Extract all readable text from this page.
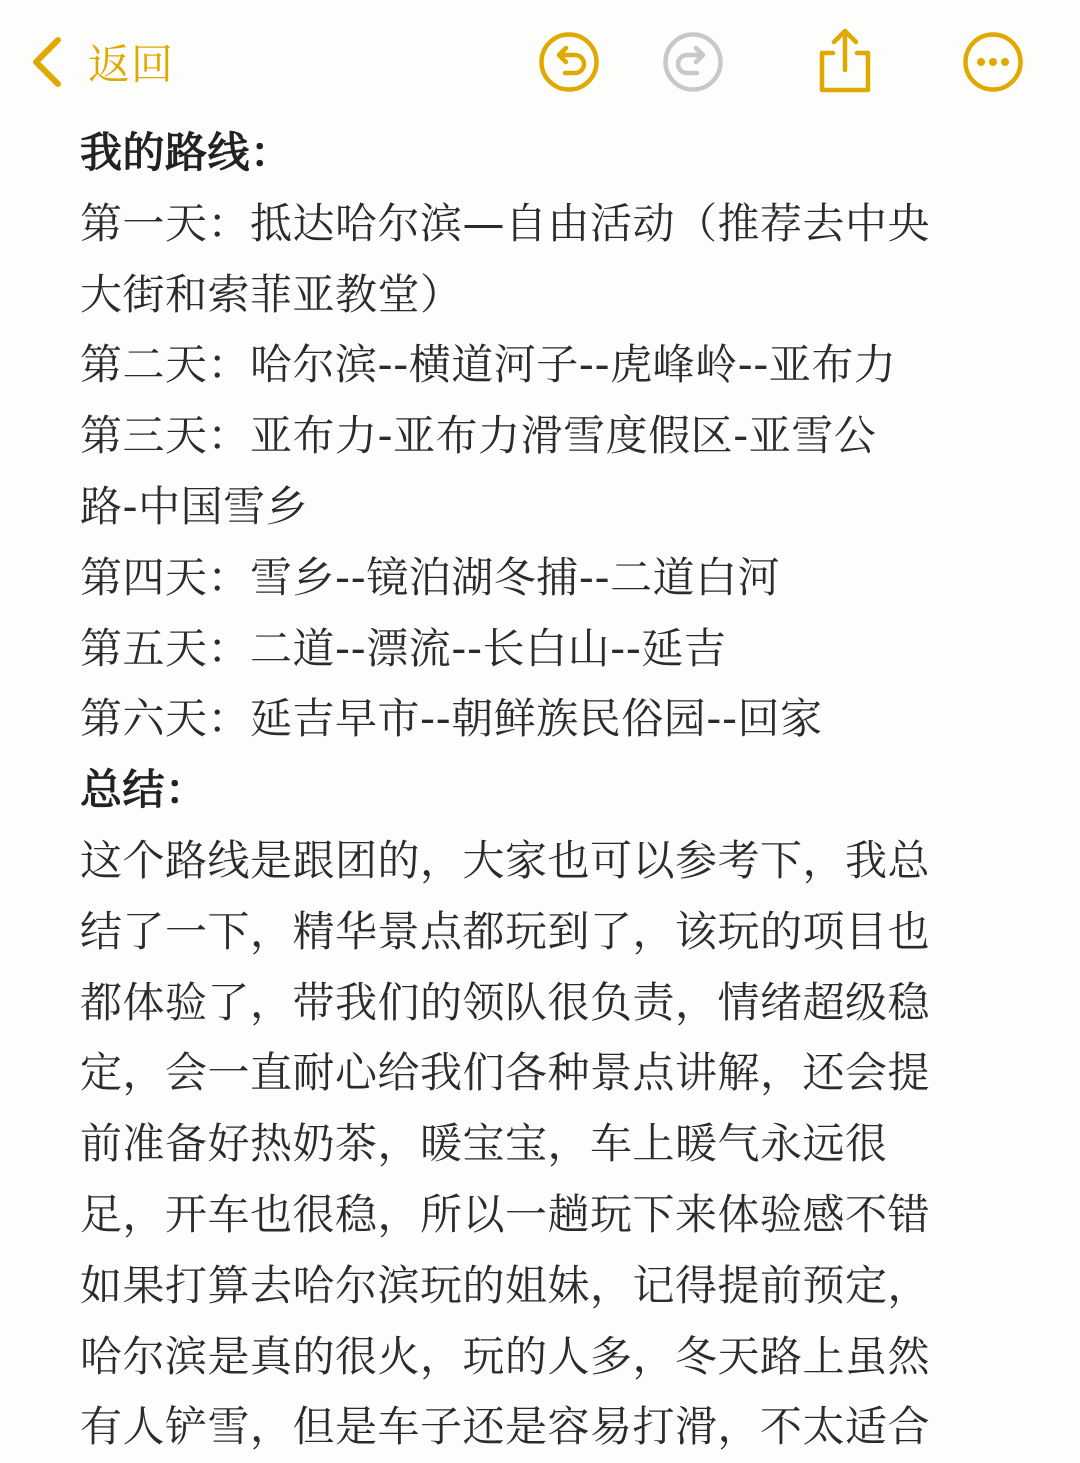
返回

我的路线：

第一天：抵达哈尔滨—自由活动（推荐去中央

大街和索菲亚教堂）

第二天：哈尔滨--横道河子--虎峰岭--亚布力

第三天：亚布力-亚布力滑雪度假区-亚雪公

路-中国雪乡

第四天：雪乡--镜泊湖冬捕--二道白河

第五天：二道--漂流--长白山--延吉

第六天：延吉早市--朝鲜族民俗园--回家

总结：

这个路线是跟团的，大家也可以参考下，我总

结了一下，精华景点都玩到了，该玩的项目也

都体验了，带我们的领队很负责，情绪超级稳

定，会一直耐心给我们各种景点讲解，还会提

前准备好热奶茶，暖宝宝，车上暖气永远很

足，开车也很稳，所以一趟玩下来体验感不错

如果打算去哈尔滨玩的姐妹，记得提前预定，

哈尔滨是真的很火，玩的人多，冬天路上虽然

有人铲雪，但是车子还是容易打滑，不太适合
